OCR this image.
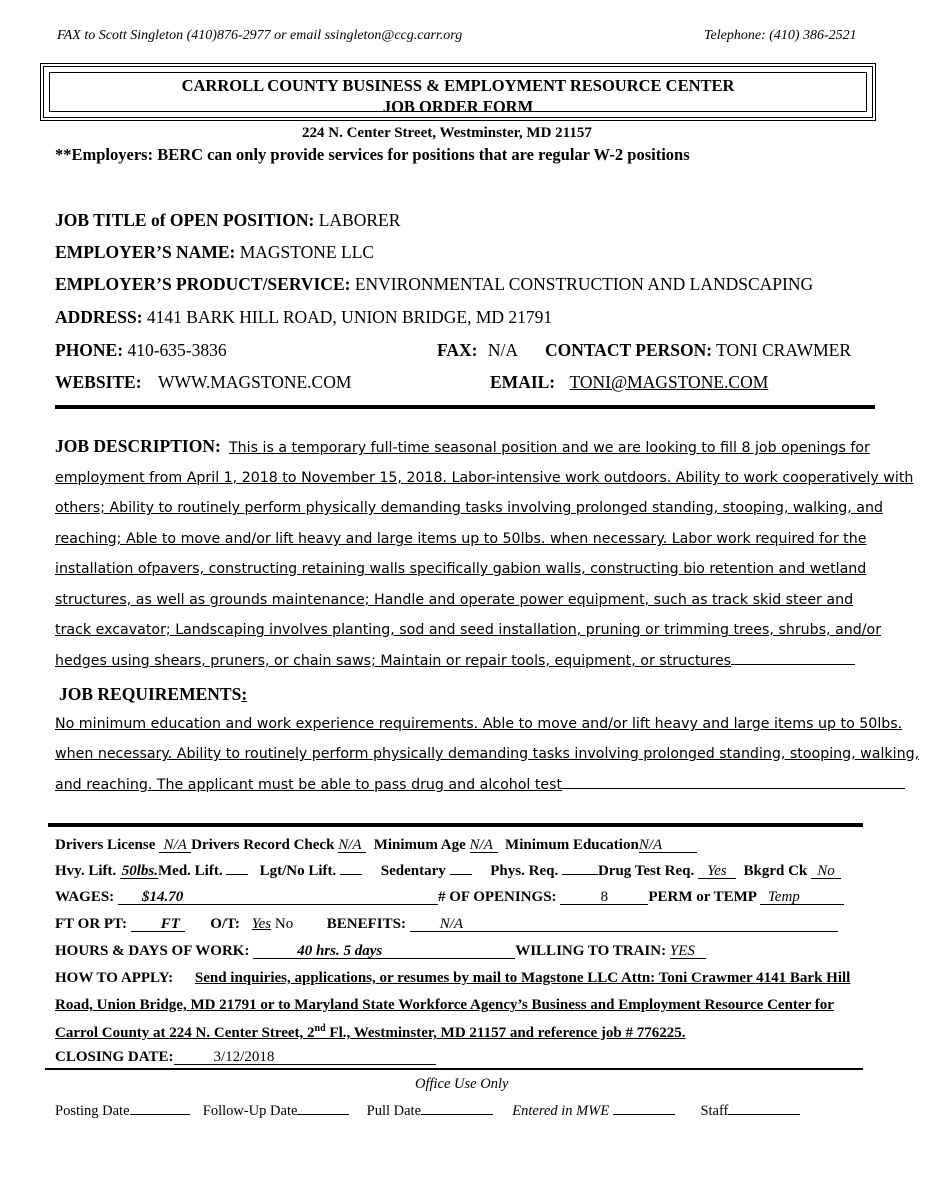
FAX to Scott Singleton (410)876-2977 or email ssingleton@ccg.carr.org	Telephone: (410) 386-2521
CARROLL COUNTY BUSINESS & EMPLOYMENT RESOURCE CENTER
JOB ORDER FORM
224 N. Center Street, Westminster, MD 21157
**Employers: BERC can only provide services for positions that are regular W-2 positions
JOB TITLE of OPEN POSITION: LABORER
EMPLOYER’S NAME: MAGSTONE LLC
EMPLOYER’S PRODUCT/SERVICE: ENVIRONMENTAL CONSTRUCTION AND LANDSCAPING
ADDRESS: 4141 BARK HILL ROAD, UNION BRIDGE, MD 21791
PHONE: 410-635-3836	FAX: N/A CONTACT PERSON: TONI CRAWMER
WEBSITE: WWW.MAGSTONE.COM	EMAIL: TONI@MAGSTONE.COM
JOB DESCRIPTION: This is a temporary full-time seasonal position and we are looking to fill 8 job openings for
employment from April 1, 2018 to November 15, 2018. Labor-intensive work outdoors. Ability to work cooperatively with
others; Ability to routinely perform physically demanding tasks involving prolonged standing, stooping, walking, and
reaching; Able to move and/or lift heavy and large items up to 50lbs. when necessary. Labor work required for the
installation ofpavers, constructing retaining walls specifically gabion walls, constructing bio retention and wetland
structures, as well as grounds maintenance; Handle and operate power equipment, such as track skid steer and
track excavator; Landscaping involves planting, sod and seed installation, pruning or trimming trees, shrubs, and/or
hedges using shears, pruners, or chain saws; Maintain or repair tools, equipment, or structures
JOB REQUIREMENTS:
No minimum education and work experience requirements. Able to move and/or lift heavy and large items up to 50lbs.
when necessary. Ability to routinely perform physically demanding tasks involving prolonged standing, stooping, walking,
and reaching. The applicant must be able to pass drug and alcohol test
Drivers License N/A Drivers Record Check N/A Minimum Age N/A Minimum EducationN/A
Hvy. Lift. 50lbs.Med. Lift. Lgt/No Lift.	Sedentary	Phys. Req.	Drug Test Req. Yes Bkgrd Ck No
WAGES: $14.70	# OF OPENINGS:	8	PERM or TEMP Temp
FT OR PT: FT O/T: Yes No BENEFITS: N/A
HOURS & DAYS OF WORK:	40 hrs. 5 days	WILLING TO TRAIN: YES
HOW TO APPLY: Send inquiries, applications, or resumes by mail to Magstone LLC Attn: Toni Crawmer 4141 Bark Hill
Road, Union Bridge, MD 21791 or to Maryland State Workforce Agency’s Business and Employment Resource Center for
Carrol County at 224 N. Center Street, 2nd Fl., Westminster, MD 21157 and reference job # 776225.
CLOSING DATE:	3/12/2018
Office Use Only
Posting Date	Follow-Up Date	Pull Date	Entered in MWE	Staff
